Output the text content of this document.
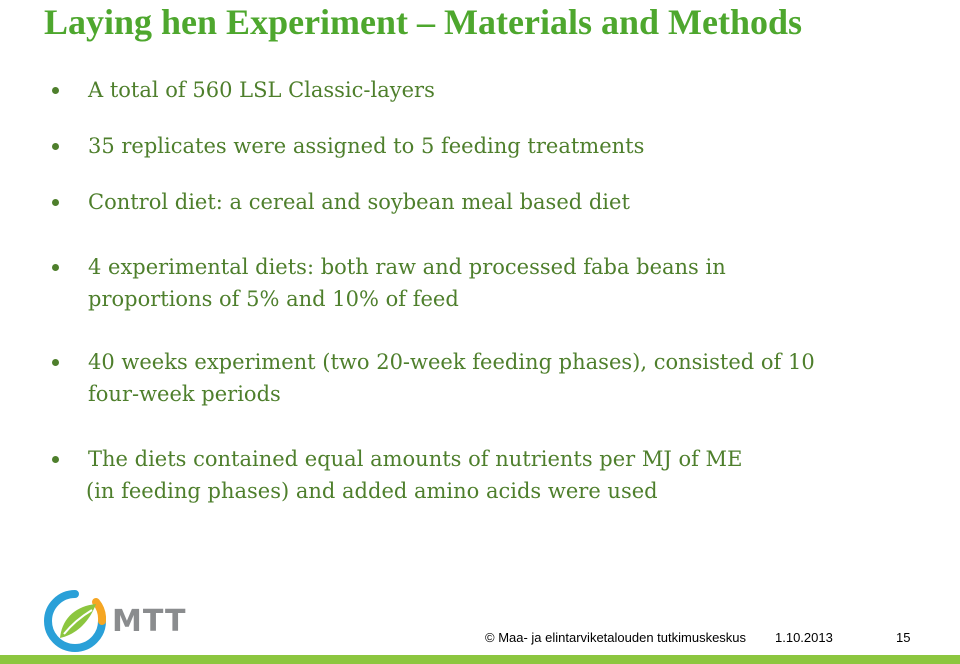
Laying hen Experiment – Materials and Methods
A total of 560 LSL Classic-layers
35 replicates were assigned to 5 feeding treatments
Control diet: a cereal and soybean meal based diet
4 experimental diets: both raw and processed faba beans in
proportions of 5% and 10% of feed
40 weeks experiment (two 20-week feeding phases), consisted of 10
four-week periods
The diets contained equal amounts of nutrients per MJ of ME
(in feeding phases) and added amino acids were used
MTT	© Maa- ja elintarviketalouden tutkimuskeskus 1.10.2013	15
